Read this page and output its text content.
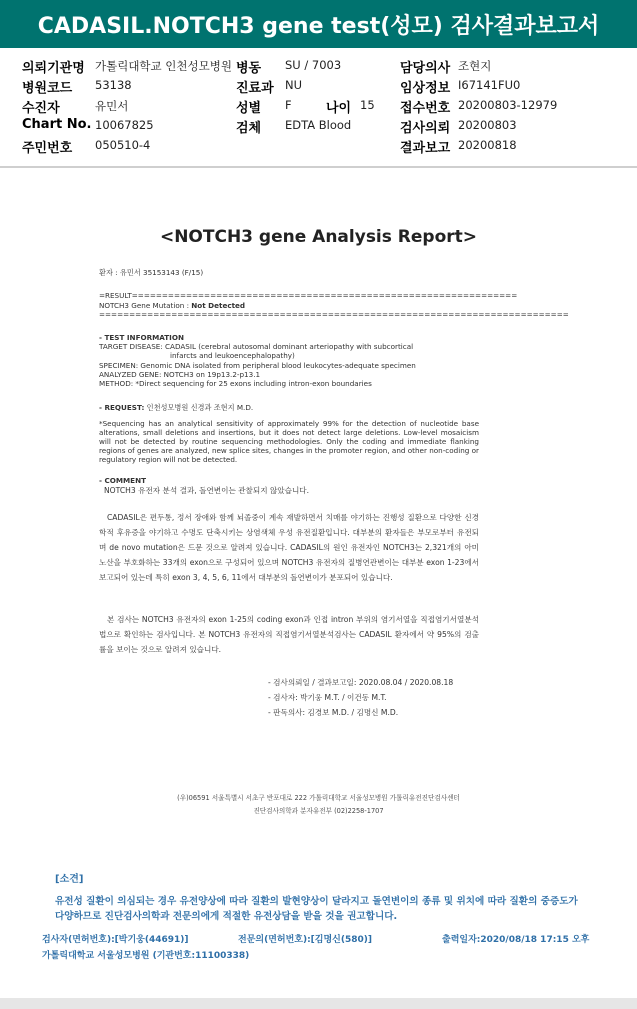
CADASIL.NOTCH3 gene test(성모) 검사결과보고서
의뢰기관명 가톨릭대학교 인천성모병원 병동 SU / 7003	담당의사 조현지
병원코드 53138	진료과 NU	임상정보 I67141FU0
수진자	유민서	성별 F	나이 15 접수번호 20200803-12979
Chart No. 10067825	검체 EDTA Blood	검사의뢰 20200803
주민번호 050510-4	결과보고 20200818
<NOTCH3 gene Analysis Report>
환자 : 유민서 35153143 (F/15)
=RESULT================================================================
NOTCH3 Gene Mutation : Not Detected
==============================================================================
- TEST INFORMATION
TARGET DISEASE: CADASIL (cerebral autosomal dominant arteriopathy with subcortical
infarcts and leukoencephalopathy)
SPECIMEN: Genomic DNA isolated from peripheral blood leukocytes-adequate specimen
ANALYZED GENE: NOTCH3 on 19p13.2-p13.1
METHOD: *Direct sequencing for 25 exons including intron-exon boundaries
- REQUEST: 인천성모병원 신경과 조현지 M.D.
*Sequencing has an analytical sensitivity of approximately 99% for the detection of nucleotide base alterations, small deletions and insertions, but it does not detect large deletions. Low-level mosaicism will not be detected by routine sequencing methodologies. Only the coding and immediate flanking regions of genes are analyzed, new splice sites, changes in the promoter region, and other non-coding or regulatory region will not be detected.
- COMMENT
NOTCH3 유전자 분석 결과, 돌연변이는 관찰되지 않았습니다.
CADASIL은 편두통, 정서 장애와 함께 뇌졸중이 계속 재발하면서 치매를 야기하는 진행성 질환으로 다양한 신경학적 후유증을 야기하고 수명도 단축시키는 상염색체 우성 유전질환입니다. 대부분의 환자들은 부모로부터 유전되며 de novo mutation은 드문 것으로 알려져 있습니다. CADASIL의 원인 유전자인 NOTCH3는 2,321개의 아미노산을 부호화하는 33개의 exon으로 구성되어 있으며 NOTCH3 유전자의 질병연관변이는 대부분 exon 1-23에서 보고되어 있는데 특히 exon 3, 4, 5, 6, 11에서 대부분의 돌연변이가 분포되어 있습니다.
본 검사는 NOTCH3 유전자의 exon 1-25의 coding exon과 인접 intron 부위의 염기서열을 직접염기서열분석법으로 확인하는 검사입니다. 본 NOTCH3 유전자의 직접염기서열분석검사는 CADASIL 환자에서 약 95%의 검출률을 보이는 것으로 알려져 있습니다.
- 검사의뢰일 / 결과보고일: 2020.08.04 / 2020.08.18
- 검사자: 박기웅 M.T. / 이건동 M.T.
- 판독의사: 김경보 M.D. / 김명신 M.D.
(우)06591 서울특별시 서초구 반포대로 222 가톨릭대학교 서울성모병원 가톨릭유전진단검사센터
진단검사의학과 분자유전부 (02)2258-1707
[소견]
유전성 질환이 의심되는 경우 유전양상에 따라 질환의 발현양상이 달라지고 돌연변이의 종류 및 위치에 따라 질환의 중증도가 다양하므로 진단검사의학과 전문의에게 적절한 유전상담을 받을 것을 권고합니다.
검사자(면허번호):[박기웅(44691)]	전문의(면허번호):[김명신(580)]	출력일자:2020/08/18 17:15 오후
가톨릭대학교 서울성모병원 (기관번호:11100338)
